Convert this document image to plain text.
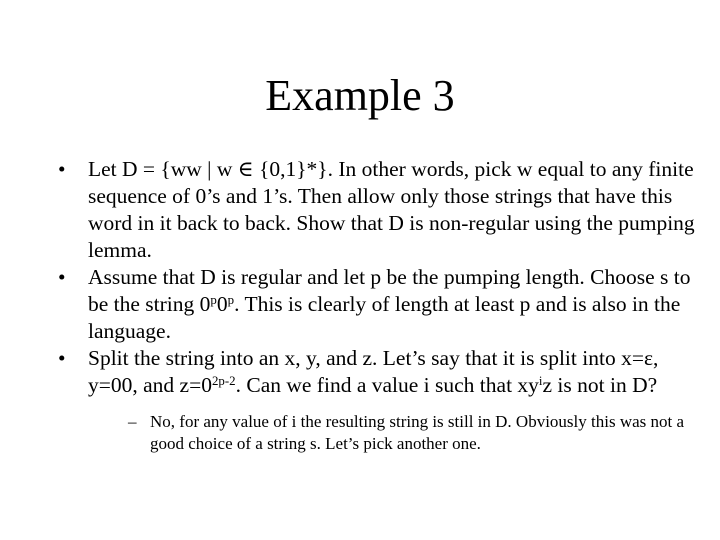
Example 3
• Let D = {ww | w ∈ {0,1}*}. In other words, pick w equal to any finite sequence of 0’s and 1’s. Then allow only those strings that have this word in it back to back. Show that D is non-regular using the pumping lemma.
• Assume that D is regular and let p be the pumping length. Choose s to be the string 0$^p$0$^p$. This is clearly of length at least p and is also in the language.
• Split the string into an x, y, and z. Let’s say that it is split into x=ε, y=00, and $z=0^{2p-2}$. Can we find a value i such that $xy^iz$ is not in D?
– No, for any value of i the resulting string is still in D. Obviously this was not a good choice of a string s. Let’s pick another one.
